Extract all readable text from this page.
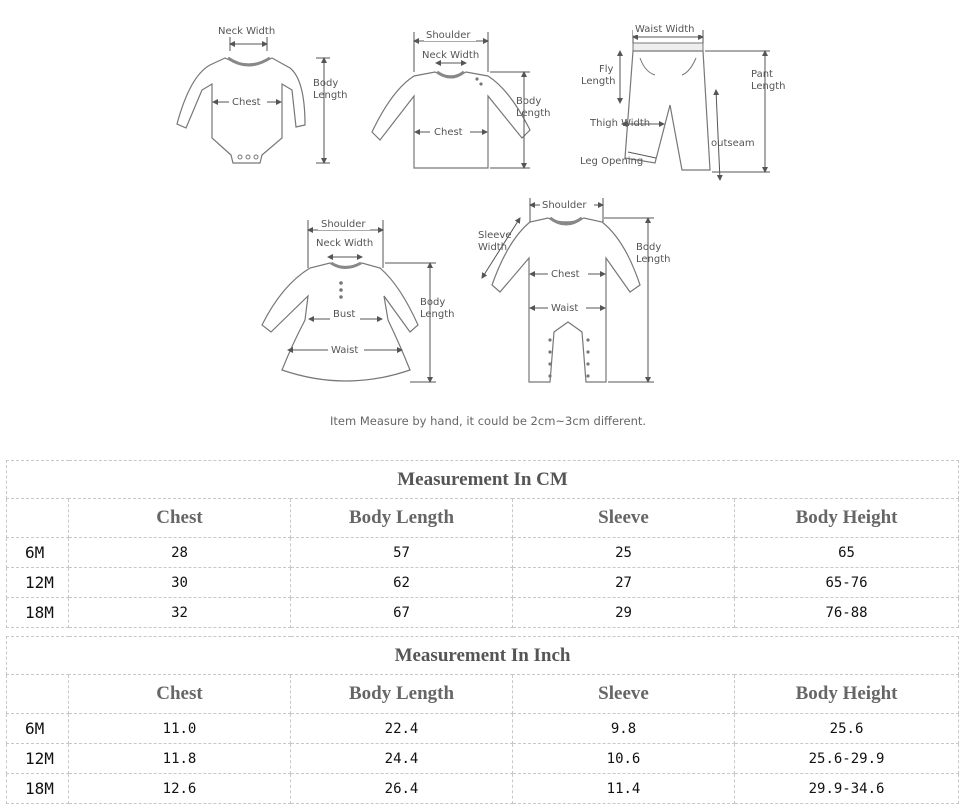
Neck Width
Chest
Body
Length
Shoulder
Neck Width
Chest
Body
Length
Waist Width
Fly
Length
Pant
Length
Thigh Width
outseam
Leg Opening
Shoulder
Neck Width
Bust
Waist
Body
Length
Shoulder
Chest
Waist
Sleeve
Width	Body
Length
Item Measure by hand, it could be 2cm~3cm different.
Measurement In CM				
	Chest	Body Length	Sleeve	Body Height
6M	28	57	25	65
12M	30	62	27	65-76
18M	32	67	29	76-88
Measurement In Inch				
	Chest	Body Length	Sleeve	Body Height
6M	11.0	22.4	9.8	25.6
12M	11.8	24.4	10.6	25.6-29.9
18M	12.6	26.4	11.4	29.9-34.6
